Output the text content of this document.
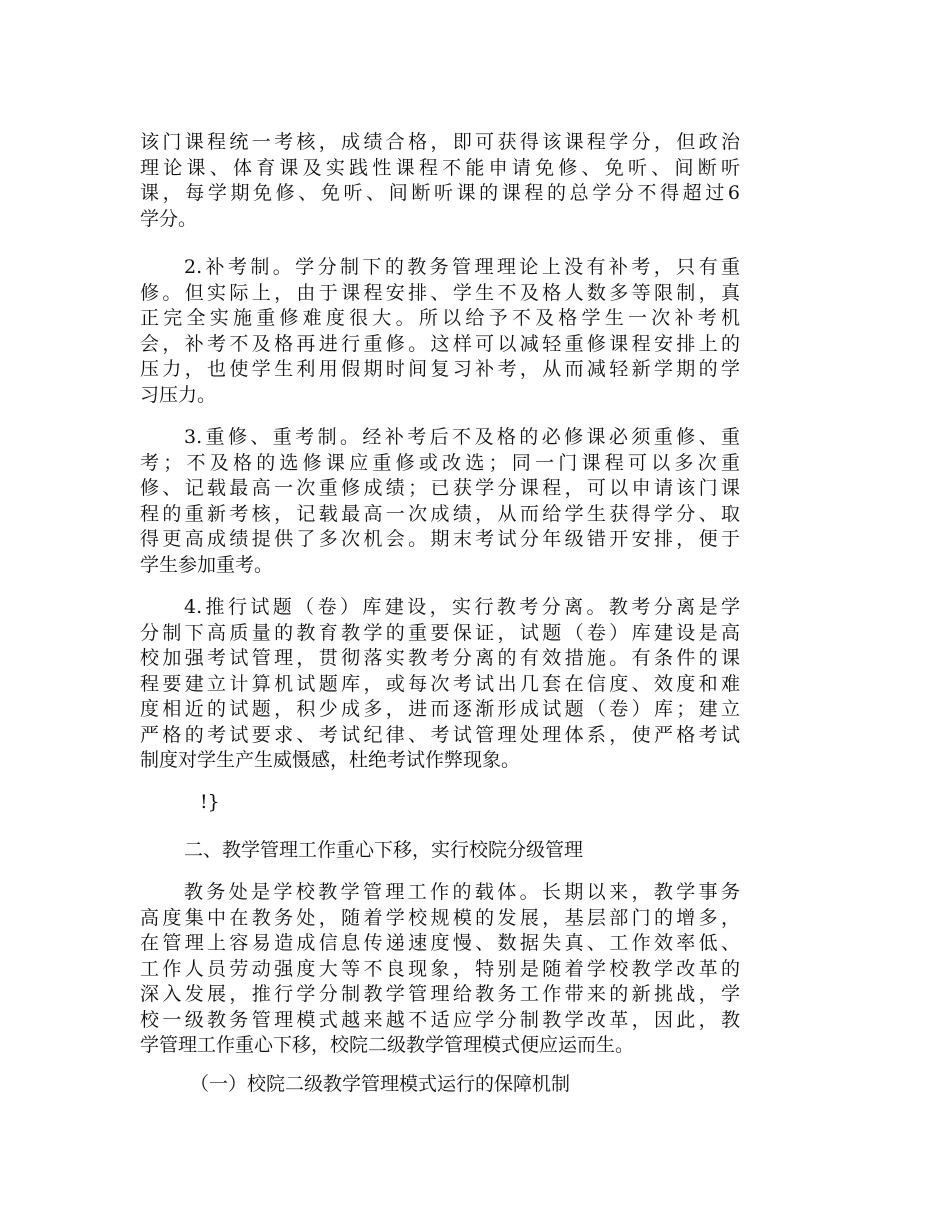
该门课程统一考核，成绩合格，即可获得该课程学分，但政治
理论课、体育课及实践性课程不能申请免修、免听、间断听
课，每学期免修、免听、间断听课的课程的总学分不得超过6
学分。
2.补考制。学分制下的教务管理理论上没有补考，只有重
修。但实际上，由于课程安排、学生不及格人数多等限制，真
正完全实施重修难度很大。所以给予不及格学生一次补考机
会，补考不及格再进行重修。这样可以减轻重修课程安排上的
压力，也使学生利用假期时间复习补考，从而减轻新学期的学
习压力。
3.重修、重考制。经补考后不及格的必修课必须重修、重
考；不及格的选修课应重修或改选；同一门课程可以多次重
修、记载最高一次重修成绩；已获学分课程，可以申请该门课
程的重新考核，记载最高一次成绩，从而给学生获得学分、取
得更高成绩提供了多次机会。期末考试分年级错开安排，便于
学生参加重考。
4.推行试题（卷）库建设，实行教考分离。教考分离是学
分制下高质量的教育教学的重要保证，试题（卷）库建设是高
校加强考试管理，贯彻落实教考分离的有效措施。有条件的课
程要建立计算机试题库，或每次考试出几套在信度、效度和难
度相近的试题，积少成多，进而逐渐形成试题（卷）库；建立
严格的考试要求、考试纪律、考试管理处理体系，使严格考试
制度对学生产生威慑感，杜绝考试作弊现象。
!}
二、教学管理工作重心下移，实行校院分级管理
教务处是学校教学管理工作的载体。长期以来，教学事务
高度集中在教务处，随着学校规模的发展，基层部门的增多，
在管理上容易造成信息传递速度慢、数据失真、工作效率低、
工作人员劳动强度大等不良现象，特别是随着学校教学改革的
深入发展，推行学分制教学管理给教务工作带来的新挑战，学
校一级教务管理模式越来越不适应学分制教学改革，因此，教
学管理工作重心下移，校院二级教学管理模式便应运而生。
（一）校院二级教学管理模式运行的保障机制
